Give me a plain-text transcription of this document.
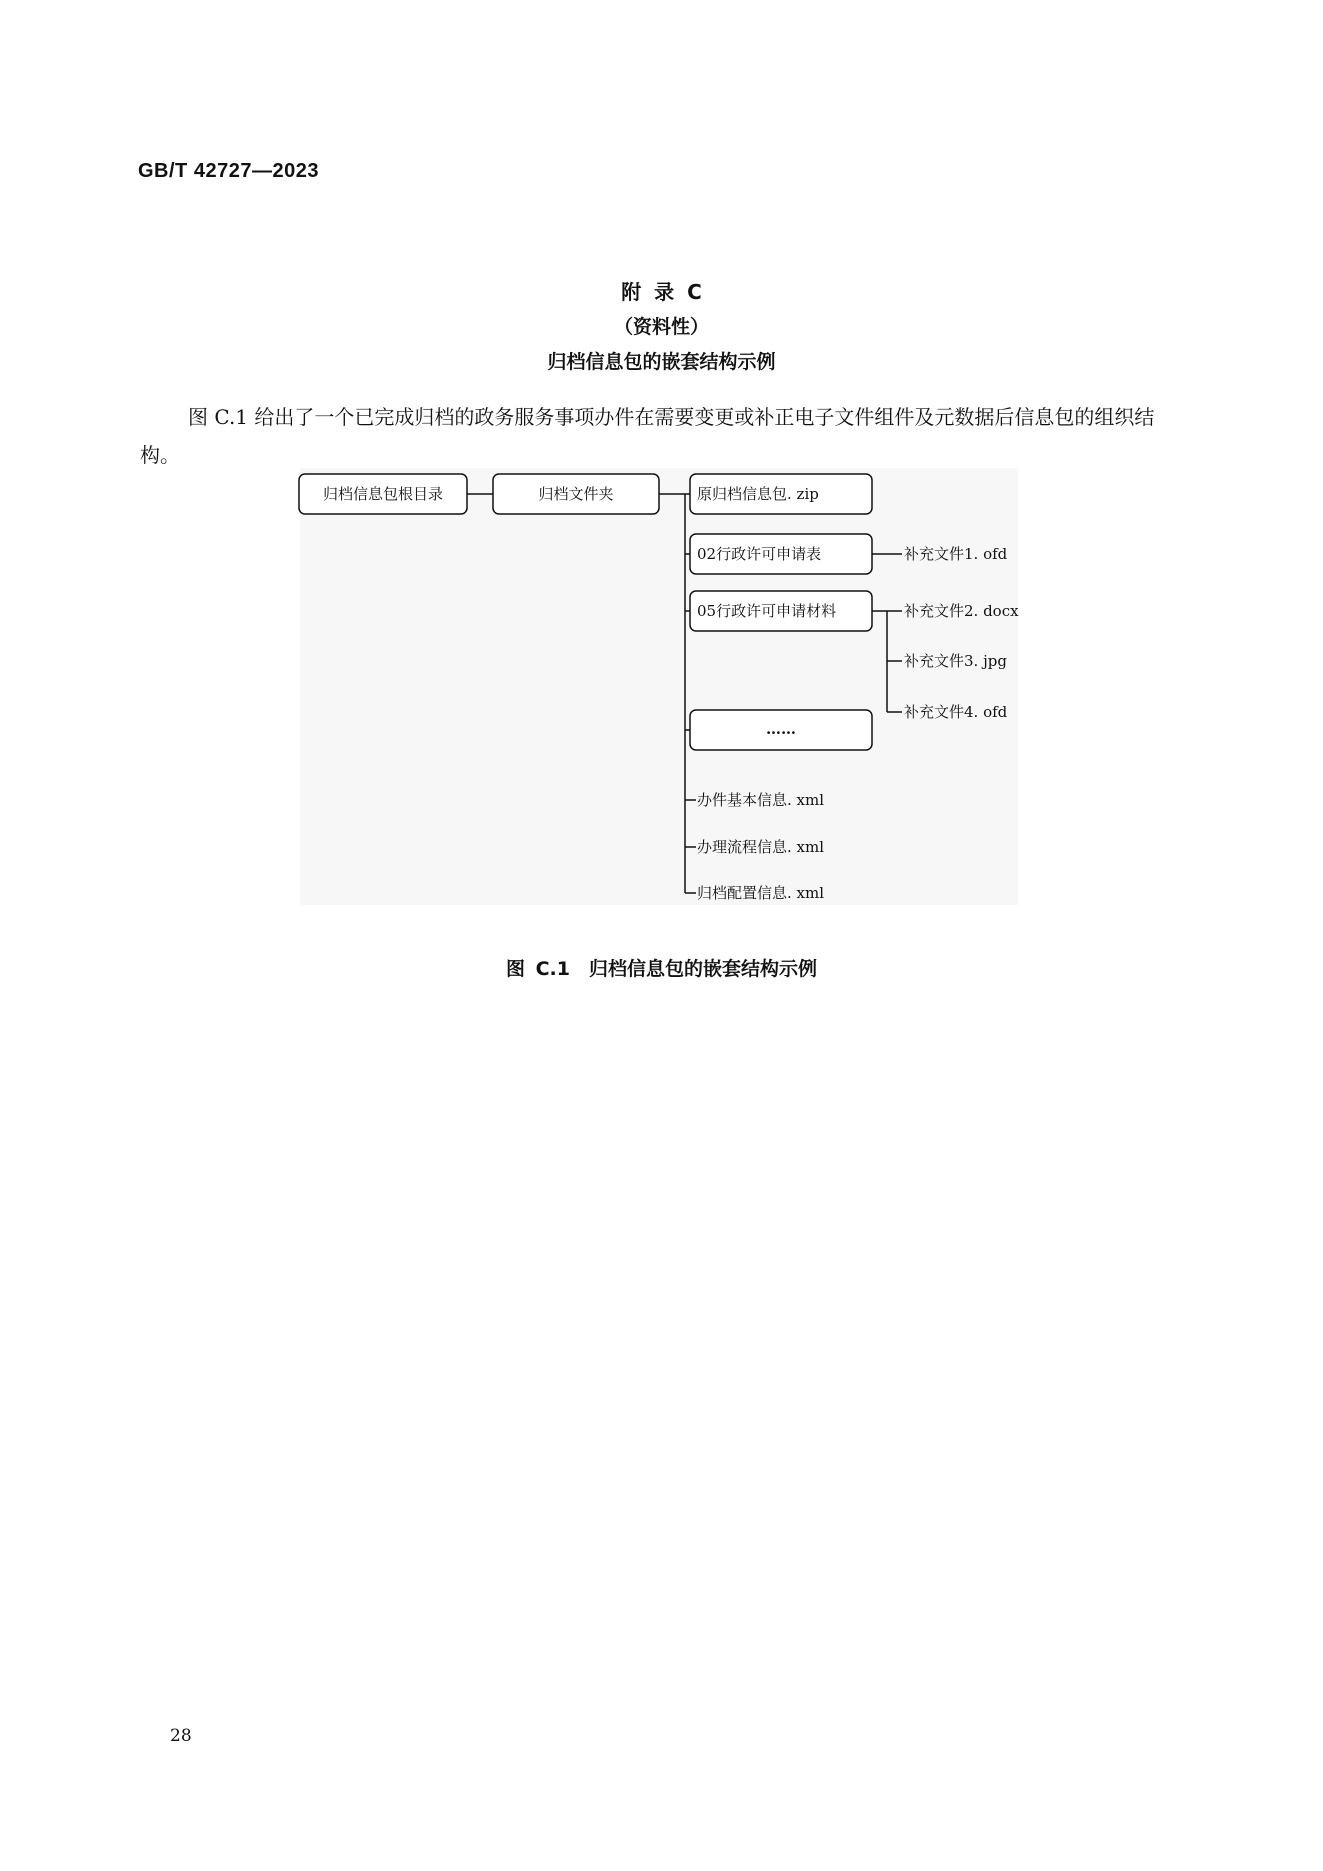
GB/T 42727—2023
附 录 C
（资料性）
归档信息包的嵌套结构示例
图 C.1 给出了一个已完成归档的政务服务事项办件在需要变更或补正电子文件组件及元数据后信息包的组织结构。
归档信息包根目录	归档文件夹	原归档信息包. zip
02行政许可申请表
05行政许可申请材料
……
补充文件1. ofd
补充文件2. docx
补充文件3. jpg
补充文件4. ofd
办件基本信息. xml
办理流程信息. xml
归档配置信息. xml
图 C.1　归档信息包的嵌套结构示例
28
